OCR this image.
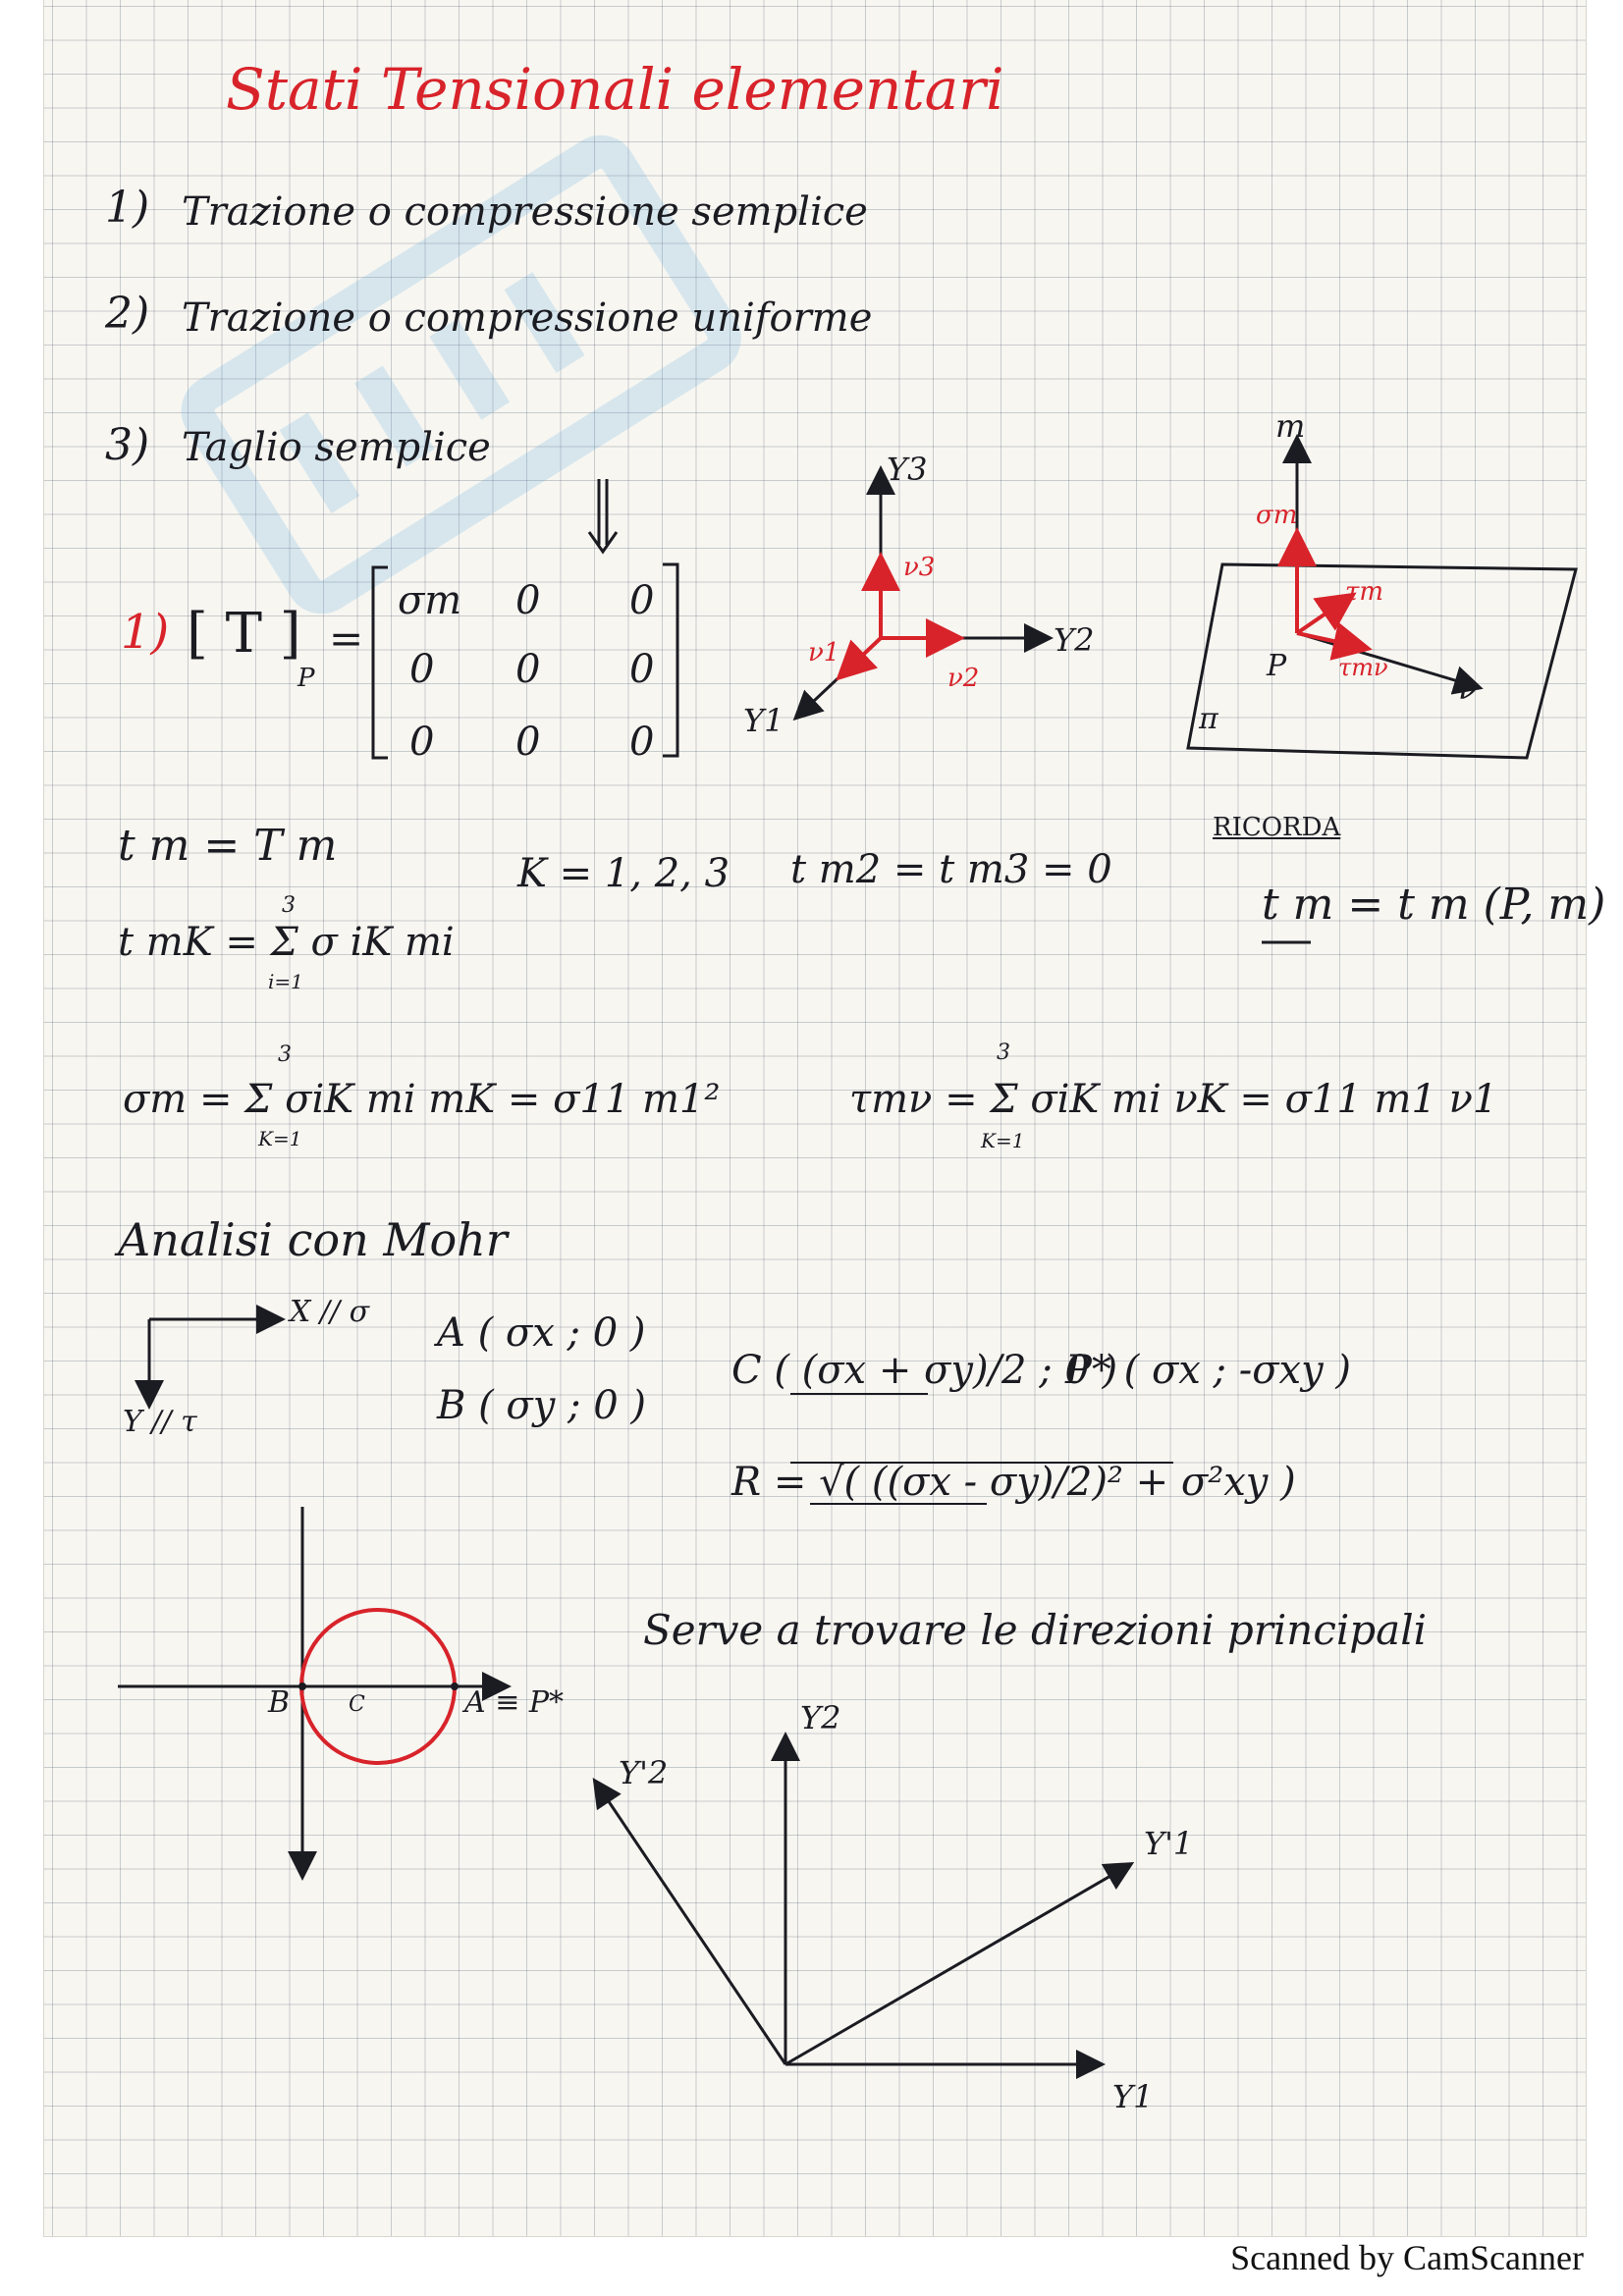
Stati Tensionali elementari
1) Trazione o compressione semplice
2) Trazione o compressione uniforme
3) Taglio semplice
1) [ T ]
P
=
σm 0 0
0 0 0
0 0 0
Y3
ν3
Y2
ν2
ν1
Y1
m
σm
τm
τmν
P
ν
π
t m = T m
K = 1, 2, 3 t m2 = t m3 = 0
RICORDA
t m = t m (P, m)
3
t mK = Σ σ iK mi
i=1
3
σm = Σ σiK mi mK = σ11 m1²
K=1
3
τmν = Σ σiK mi νK = σ11 m1 ν1
K=1
Analisi con Mohr
X // σ
Y // τ
A ( σx ; 0 )
B ( σy ; 0 )
C ( (σx + σy)/2 ; 0 )
P* ( σx ; -σxy )
R = √( ((σx - σy)/2)² + σ²xy )
B	C	A ≡ P*
Serve a trovare le direzioni principali
Y2
Y'2
Y'1
Y1
Scanned by CamScanner
